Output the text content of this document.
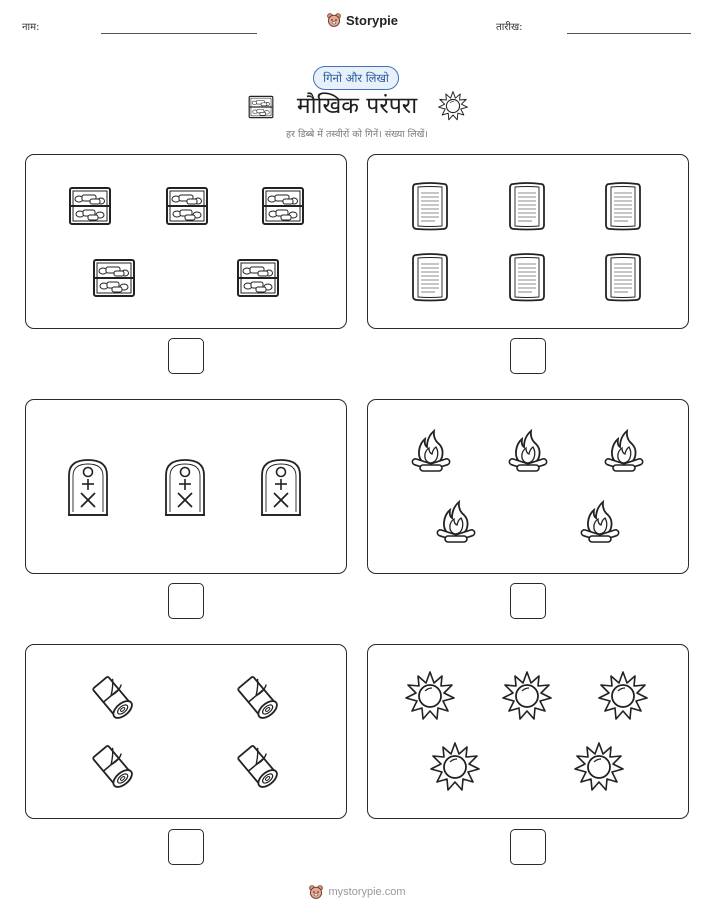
नाम:	Storypie	तारीख:
गिनो और लिखो
मौखिक परंपरा
हर डिब्बे में तस्वीरों को गिनें। संख्या लिखें।
mystorypie.com
